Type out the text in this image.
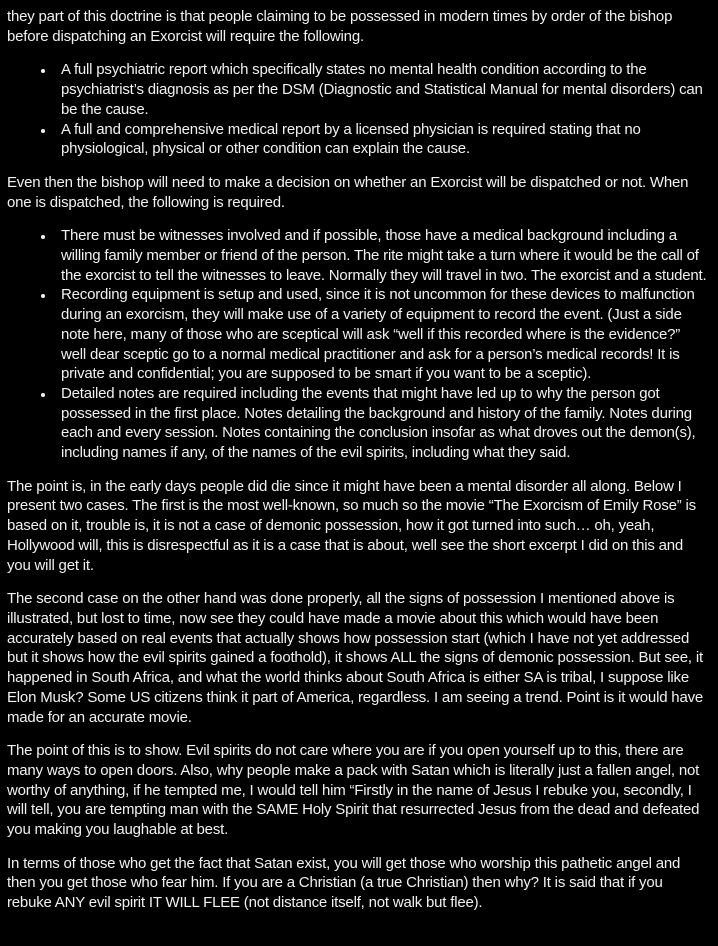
they part of this doctrine is that people claiming to be possessed in modern times by order of the bishop before dispatching an Exorcist will require the following.

• A full psychiatric report which specifically states no mental health condition according to the psychiatrist’s diagnosis as per the DSM (Diagnostic and Statistical Manual for mental disorders) can be the cause.
• A full and comprehensive medical report by a licensed physician is required stating that no physiological, physical or other condition can explain the cause.

Even then the bishop will need to make a decision on whether an Exorcist will be dispatched or not. When one is dispatched, the following is required.

• There must be witnesses involved and if possible, those have a medical background including a willing family member or friend of the person. The rite might take a turn where it would be the call of the exorcist to tell the witnesses to leave. Normally they will travel in two. The exorcist and a student.
• Recording equipment is setup and used, since it is not uncommon for these devices to malfunction during an exorcism, they will make use of a variety of equipment to record the event. (Just a side note here, many of those who are sceptical will ask “well if this recorded where is the evidence?” well dear sceptic go to a normal medical practitioner and ask for a person’s medical records! It is private and confidential; you are supposed to be smart if you want to be a sceptic).
• Detailed notes are required including the events that might have led up to why the person got possessed in the first place. Notes detailing the background and history of the family. Notes during each and every session. Notes containing the conclusion insofar as what droves out the demon(s), including names if any, of the names of the evil spirits, including what they said.

The point is, in the early days people did die since it might have been a mental disorder all along. Below I present two cases. The first is the most well-known, so much so the movie “The Exorcism of Emily Rose” is based on it, trouble is, it is not a case of demonic possession, how it got turned into such… oh, yeah, Hollywood will, this is disrespectful as it is a case that is about, well see the short excerpt I did on this and you will get it.

The second case on the other hand was done properly, all the signs of possession I mentioned above is illustrated, but lost to time, now see they could have made a movie about this which would have been accurately based on real events that actually shows how possession start (which I have not yet addressed but it shows how the evil spirits gained a foothold), it shows ALL the signs of demonic possession. But see, it happened in South Africa, and what the world thinks about South Africa is either SA is tribal, I suppose like Elon Musk? Some US citizens think it part of America, regardless. I am seeing a trend. Point is it would have made for an accurate movie.

The point of this is to show. Evil spirits do not care where you are if you open yourself up to this, there are many ways to open doors. Also, why people make a pack with Satan which is literally just a fallen angel, not worthy of anything, if he tempted me, I would tell him “Firstly in the name of Jesus I rebuke you, secondly, I will tell, you are tempting man with the SAME Holy Spirit that resurrected Jesus from the dead and defeated you making you laughable at best.

In terms of those who get the fact that Satan exist, you will get those who worship this pathetic angel and then you get those who fear him. If you are a Christian (a true Christian) then why? It is said that if you rebuke ANY evil spirit IT WILL FLEE (not distance itself, not walk but flee).
